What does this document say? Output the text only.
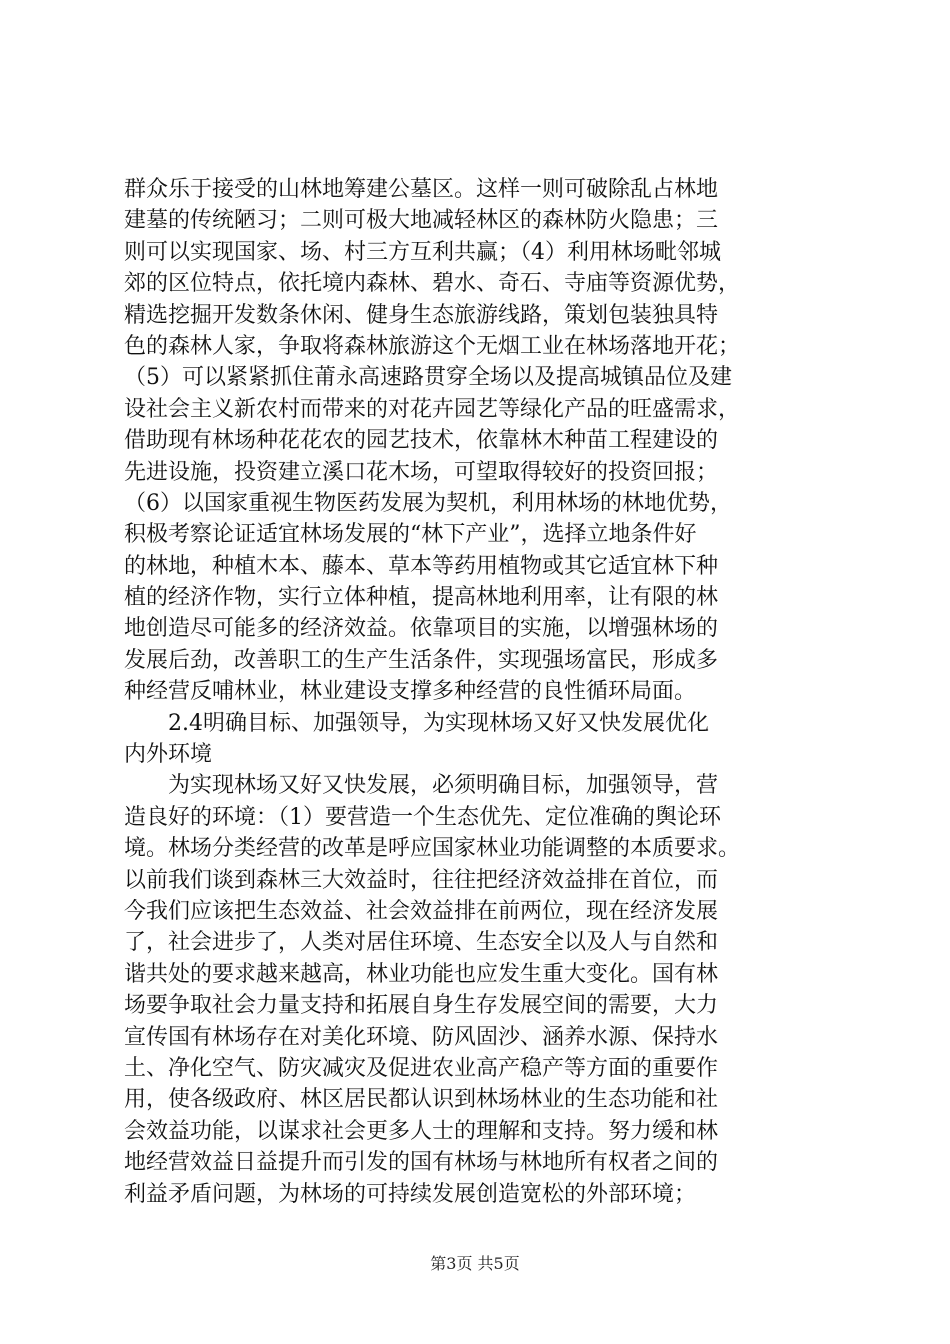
群众乐于接受的山林地筹建公墓区。这样一则可破除乱占林地
建墓的传统陋习；二则可极大地减轻林区的森林防火隐患；三
则可以实现国家、场、村三方互利共赢；（4）利用林场毗邻城
郊的区位特点，依托境内森林、碧水、奇石、寺庙等资源优势，
精选挖掘开发数条休闲、健身生态旅游线路，策划包装独具特
色的森林人家，争取将森林旅游这个无烟工业在林场落地开花；
（5）可以紧紧抓住莆永高速路贯穿全场以及提高城镇品位及建
设社会主义新农村而带来的对花卉园艺等绿化产品的旺盛需求，
借助现有林场种花花农的园艺技术，依靠林木种苗工程建设的
先进设施，投资建立溪口花木场，可望取得较好的投资回报；
（6）以国家重视生物医药发展为契机，利用林场的林地优势，
积极考察论证适宜林场发展的“林下产业”，选择立地条件好
的林地，种植木本、藤本、草本等药用植物或其它适宜林下种
植的经济作物，实行立体种植，提高林地利用率，让有限的林
地创造尽可能多的经济效益。依靠项目的实施，以增强林场的
发展后劲，改善职工的生产生活条件，实现强场富民，形成多
种经营反哺林业，林业建设支撑多种经营的良性循环局面。
2.4明确目标、加强领导，为实现林场又好又快发展优化
内外环境
为实现林场又好又快发展，必须明确目标，加强领导，营
造良好的环境：（1）要营造一个生态优先、定位准确的舆论环
境。林场分类经营的改革是呼应国家林业功能调整的本质要求。
以前我们谈到森林三大效益时，往往把经济效益排在首位，而
今我们应该把生态效益、社会效益排在前两位，现在经济发展
了，社会进步了，人类对居住环境、生态安全以及人与自然和
谐共处的要求越来越高，林业功能也应发生重大变化。国有林
场要争取社会力量支持和拓展自身生存发展空间的需要，大力
宣传国有林场存在对美化环境、防风固沙、涵养水源、保持水
土、净化空气、防灾减灾及促进农业高产稳产等方面的重要作
用，使各级政府、林区居民都认识到林场林业的生态功能和社
会效益功能，以谋求社会更多人士的理解和支持。努力缓和林
地经营效益日益提升而引发的国有林场与林地所有权者之间的
利益矛盾问题，为林场的可持续发展创造宽松的外部环境；
第3页 共5页
